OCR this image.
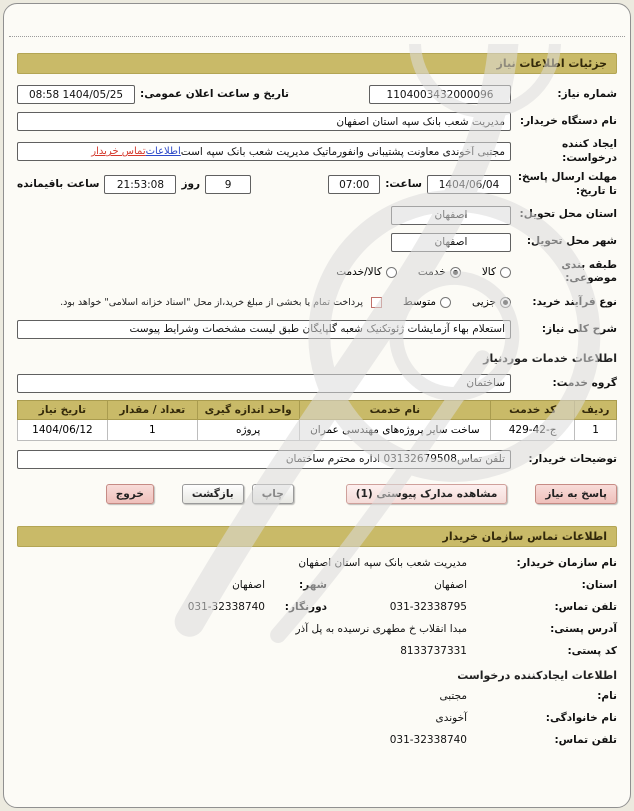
جزئیات اطلاعات نیاز
شماره نیاز:
1104003432000096
تاریخ و ساعت اعلان عمومی:
1404/05/25 08:58
نام دستگاه خریدار:
مدیریت شعب بانک سپه استان اصفهان
ایجاد کننده درخواست:
مجتبی آخوندی معاونت پشتیبانی وانفورماتیک مدیریت شعب بانک سپه است
اطلاعات
تماس خریدار
مهلت ارسال پاسخ: تا تاریخ:
1404/06/04
ساعت:
07:00
9
روز
21:53:08
ساعت باقیمانده
استان محل تحویل:
اصفهان
شهر محل تحویل:
اصفهان
طبقه بندی موضوعی:
کالا
خدمت
کالا/خدمت
نوع فرآیند خرید:
جزیی
متوسط
پرداخت تمام یا بخشی از مبلغ خرید،از محل "اسناد خزانه اسلامی" خواهد بود.
شرح کلی نیاز:
استعلام بهاء آزمایشات ژئوتکنیک شعبه گلپایگان طبق لیست مشخصات وشرایط پیوست
اطلاعات خدمات موردنیاز
گروه خدمت:
ساختمان
ردیف	کد خدمت	نام خدمت	واحد اندازه گیری	تعداد / مقدار	تاریخ نیاز
1	ج-42-429	ساخت سایر پروژه‌های مهندسی عمران	پروژه	1	1404/06/12
توضیحات خریدار:
تلفن تماس03132679508 اداره محترم ساختمان
پاسخ به نیاز
مشاهده مدارک پیوستی (1)
چاپ
بازگشت
خروج
اطلاعات تماس سازمان خریدار
نام سازمان خریدار:
مدیریت شعب بانک سپه استان اصفهان
استان:
اصفهان
شهر:
اصفهان
تلفن تماس:
031-32338795
دورنگار:
031-32338740
آدرس پستی:
مبدا انقلاب خ مطهری نرسیده به پل آذر
کد پستی:
8133737331
اطلاعات ایجادکننده درخواست
نام:
مجتبی
نام خانوادگی:
آخوندی
تلفن تماس:
031-32338740
